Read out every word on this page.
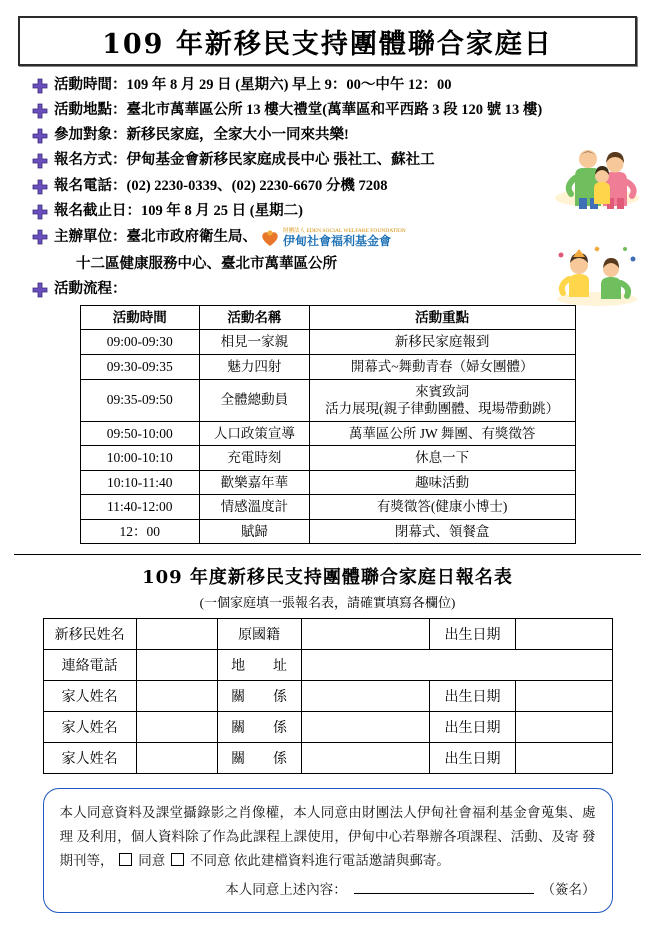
109 年新移民支持團體聯合家庭日
活動時間： 109 年 8 月 29 日 (星期六) 早上 9：00～中午 12：00
活動地點： 臺北市萬華區公所 13 樓大禮堂(萬華區和平西路 3 段 120 號 13 樓)
參加對象： 新移民家庭，全家大小一同來共樂!
報名方式： 伊甸基金會新移民家庭成長中心 張社工、蘇社工
報名電話： (02) 2230-0339、(02) 2230-6670 分機 7208
報名截止日： 109 年 8 月 25 日 (星期二)
主辦單位： 臺北市政府衛生局、	財團法人 EDEN SOCIAL WELFARE FOUNDATION
伊甸社會福利基金會
十二區健康服務中心、臺北市萬華區公所
活動流程：
活動時間	活動名稱	活動重點
09:00-09:30	相見一家親	新移民家庭報到
09:30-09:35	魅力四射	開幕式~舞動青春（婦女團體）
09:35-09:50	全體總動員	來賓致詞
活力展現(親子律動團體、現場帶動跳）

09:50-10:00	人口政策宣導	萬華區公所 JW 舞團、有獎徵答
10:00-10:10	充電時刻	休息一下
10:10-11:40	歡樂嘉年華	趣味活動
11:40-12:00	情感溫度計	有獎徵答(健康小博士)
12：00	賦歸	閉幕式、領餐盒
109 年度新移民支持團體聯合家庭日報名表
(一個家庭填一張報名表，請確實填寫各欄位)
新移民姓名		原國籍		出生日期	
連絡電話		地　　址			
家人姓名		關　　係		出生日期	
家人姓名		關　　係		出生日期	
家人姓名		關　　係		出生日期	

本人同意資料及課堂攝錄影之肖像權，本人同意由財團法人伊甸社會福利基金會蒐集、處理 及利用，個人資料除了作為此課程上課使用，伊甸中心若舉辦各項課程、活動、及寄 發期刊等， 同意 不同意 依此建檔資料進行電話邀請與郵寄。

本人同意上述內容：	（簽名）
